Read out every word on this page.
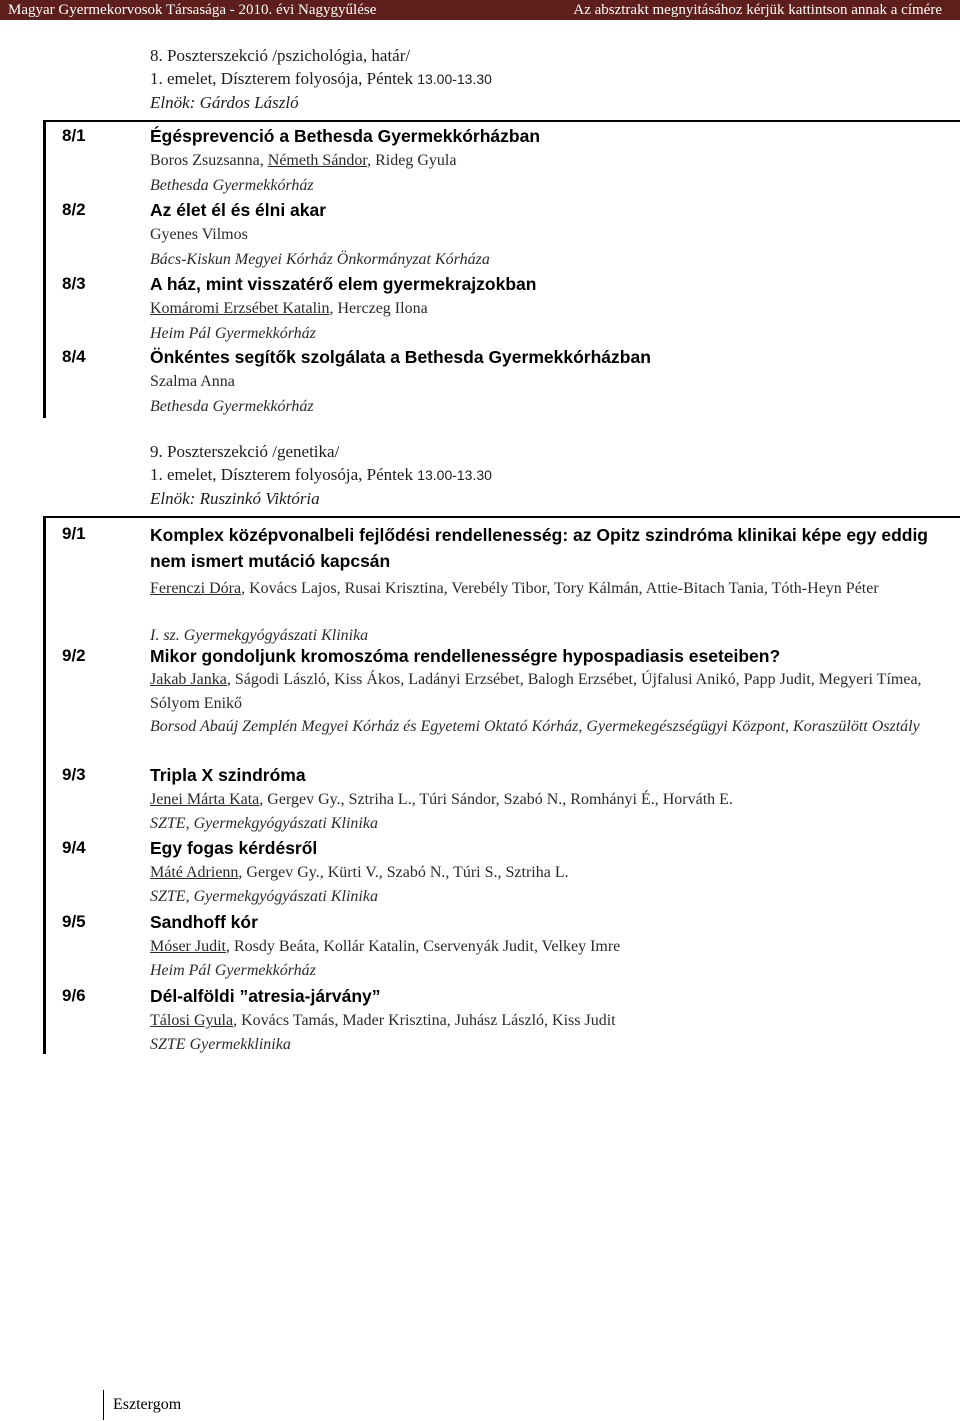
Magyar Gyermekorvosok Társasága - 2010. évi Nagygyűlése	Az absztrakt megnyitásához kérjük kattintson annak a címére
8. Poszterszekció /pszichológia, határ/
1. emelet, Díszterem folyosója, Péntek 13.00-13.30
Elnök: Gárdos László
8/1	Égésprevenció a Bethesda Gyermekkórházban
Boros Zsuzsanna, Németh Sándor, Rideg Gyula
Bethesda Gyermekkórház
8/2	Az élet él és élni akar
Gyenes Vilmos
Bács-Kiskun Megyei Kórház Önkormányzat Kórháza
8/3	A ház, mint visszatérő elem gyermekrajzokban
Komáromi Erzsébet Katalin, Herczeg Ilona
Heim Pál Gyermekkórház
8/4	Önkéntes segítők szolgálata a Bethesda Gyermekkórházban
Szalma Anna
Bethesda Gyermekkórház
9. Poszterszekció /genetika/
1. emelet, Díszterem folyosója, Péntek 13.00-13.30
Elnök: Ruszinkó Viktória
9/1	Komplex középvonalbeli fejlődési rendellenesség: az Opitz szindróma klinikai képe egy eddig nem ismert mutáció kapcsán
Ferenczi Dóra, Kovács Lajos, Rusai Krisztina, Verebély Tibor, Tory Kálmán, Attie-Bitach Tania, Tóth-Heyn Péter
I. sz. Gyermekgyógyászati Klinika
9/2	Mikor gondoljunk kromoszóma rendellenességre hypospadiasis eseteiben?
Jakab Janka, Ságodi László, Kiss Ákos, Ladányi Erzsébet, Balogh Erzsébet, Újfalusi Anikó, Papp Judit, Megyeri Tímea, Sólyom Enikő
Borsod Abaúj Zemplén Megyei Kórház és Egyetemi Oktató Kórház, Gyermekegészségügyi Központ, Koraszülött Osztály
9/3	Tripla X szindróma
Jenei Márta Kata, Gergev Gy., Sztriha L., Túri Sándor, Szabó N., Romhányi É., Horváth E.
SZTE, Gyermekgyógyászati Klinika
9/4	Egy fogas kérdésről
Máté Adrienn, Gergev Gy., Kürti V., Szabó N., Túri S., Sztriha L.
SZTE, Gyermekgyógyászati Klinika
9/5	Sandhoff kór
Móser Judit, Rosdy Beáta, Kollár Katalin, Cservenyák Judit, Velkey Imre
Heim Pál Gyermekkórház
9/6	Dél-alföldi ”atresia-járvány”
Tálosi Gyula, Kovács Tamás, Mader Krisztina, Juhász László, Kiss Judit
SZTE Gyermekklinika
Esztergom
